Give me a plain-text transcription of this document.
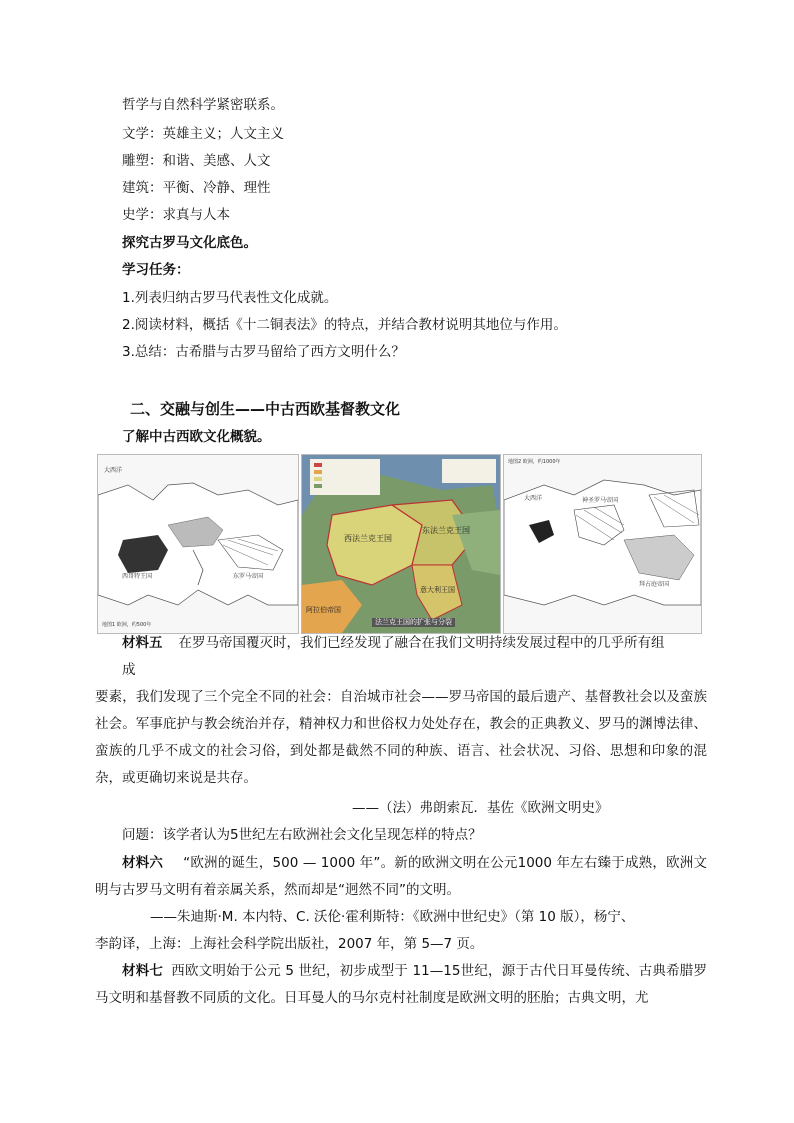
哲学与自然科学紧密联系。
文学：英雄主义；人文主义
雕塑：和谐、美感、人文
建筑：平衡、冷静、理性
史学：求真与人本
探究古罗马文化底色。
学习任务：
1.列表归纳古罗马代表性文化成就。
2.阅读材料，概括《十二铜表法》的特点，并结合教材说明其地位与作用。
3.总结：古希腊与古罗马留给了西方文明什么？
二、交融与创生——中古西欧基督教文化
了解中古西欧文化概貌。
大西洋
西哥特王国	东罗马帝国
地图1 欧洲，约500年
西法兰克王国
东法兰克王国
意大利王国
阿拉伯帝国
法兰克王国的扩张与分裂
大西洋	神圣罗马帝国
拜占庭帝国
地图2 欧洲，约1000年
材料五 在罗马帝国覆灭时，我们已经发现了融合在我们文明持续发展过程中的几乎所有组
成
要素，我们发现了三个完全不同的社会：自治城市社会——罗马帝国的最后遗产、基督教社会以及蛮族社会。军事庇护与教会统治并存，精神权力和世俗权力处处存在，教会的正典教义、罗马的渊博法律、蛮族的几乎不成文的社会习俗，到处都是截然不同的种族、语言、社会状况、习俗、思想和印象的混杂，或更确切来说是共存。
——（法）弗朗索瓦．基佐《欧洲文明史》
问题：该学者认为5世纪左右欧洲社会文化呈现怎样的特点？
材料六 “欧洲的诞生，500 — 1000 年”。新的欧洲文明在公元1000 年左右臻于成熟，欧洲文明与古罗马文明有着亲属关系，然而却是“迥然不同”的文明。
——朱迪斯·M. 本内特、C. 沃伦·霍利斯特：《欧洲中世纪史》（第 10 版），杨宁、
李韵译，上海：上海社会科学院出版社，2007 年，第 5—7 页。
材料七 西欧文明始于公元 5 世纪，初步成型于 11—15世纪，源于古代日耳曼传统、古典希腊罗马文明和基督教不同质的文化。日耳曼人的马尔克村社制度是欧洲文明的胚胎；古典文明，尤
